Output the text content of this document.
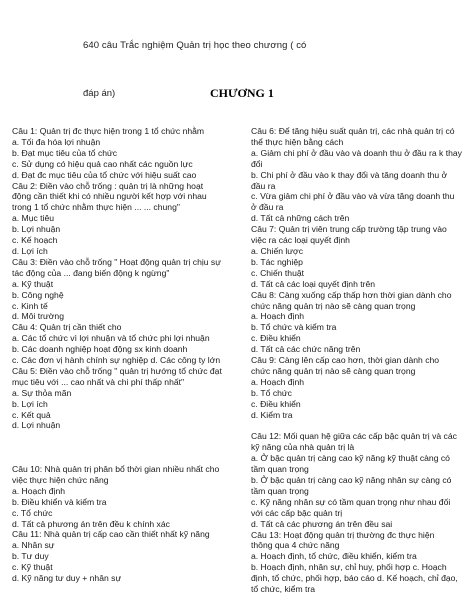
640 câu Trắc nghiệm Quản trị học theo chương ( có
đáp án)	CHƯƠNG 1

Câu 1: Quản trị đc thực hiện trong 1 tổ chức nhằm

a. Tối đa hóa lợi nhuận

b. Đạt mục tiêu của tổ chức

c. Sử dụng có hiệu quả cao nhất các nguồn lực

d. Đạt đc mục tiêu của tổ chức với hiệu suất cao

Câu 2: Điền vào chỗ trống : quản trị là những hoạt

động cần thiết khi có nhiều người kết hợp với nhau

trong 1 tổ chức nhằm thực hiện ... ... chung"

a. Mục tiêu

b. Lợi nhuận

c. Kế hoạch

d. Lợi ích

Câu 3: Điền vào chỗ trống " Hoạt động quản trị chịu sự

tác động của ... đang biến động k ngừng"

a. Kỹ thuật

b. Công nghệ

c. Kinh tế

d. Môi trường

Câu 4: Quản trị cần thiết cho

a. Các tổ chức vì lợi nhuận và tổ chức phi lợi nhuận

b. Các doanh nghiệp hoạt động sx kinh doanh

c. Các đơn vị hành chính sự nghiệp d. Các công ty lớn

Câu 5: Điền vào chỗ trống " quản trị hướng tổ chức đạt

mục tiêu với ... cao nhất và chi phí thấp nhất"

a. Sự thỏa mãn

b. Lợi ích

c. Kết quả

d. Lợi nhuận

Câu 10: Nhà quản trị phân bổ thời gian nhiều nhất cho

việc thực hiện chức năng

a. Hoạch định

b. Điều khiển và kiểm tra

c. Tổ chức

d. Tất cả phương án trên đều k chính xác

Câu 11: Nhà quản trị cấp cao cần thiết nhất kỹ năng

a. Nhân sự

b. Tư duy

c. Kỹ thuật

d. Kỹ năng tư duy + nhân sự

Câu 6: Để tăng hiệu suất quản trị, các nhà quản trị có

thể thực hiện bằng cách

a. Giảm chi phí ở đầu vào và doanh thu ở đầu ra k thay

đổi

b. Chi phí ở đầu vào k thay đổi và tăng doanh thu ở

đầu ra

c. Vừa giảm chi phí ở đầu vào và vừa tăng doanh thu

ở đầu ra

d. Tất cả những cách trên

Câu 7: Quản trị viên trung cấp trường tập trung vào

việc ra các loại quyết định

a. Chiến lược

b. Tác nghiệp

c. Chiến thuật

d. Tất cả các loại quyết định trên

Câu 8: Càng xuống cấp thấp hơn thời gian dành cho

chức năng quản trị nào sẽ càng quan trọng

a. Hoạch định

b. Tổ chức và kiểm tra

c. Điều khiển

d. Tất cả các chức năng trên

Câu 9: Càng lên cấp cao hơn, thời gian dành cho

chức năng quản trị nào sẽ càng quan trọng

a. Hoạch định

b. Tổ chức

c. Điều khiển

d. Kiểm tra

Câu 12: Mối quan hệ giữa các cấp bậc quản trị và các

kỹ năng của nhà quản trị là

a. Ở bậc quản trị càng cao kỹ năng kỹ thuật càng có

tầm quan trọng

b. Ở bậc quản trị càng cao kỹ năng nhân sự càng có

tầm quan trọng

c. Kỹ năng nhân sự có tầm quan trọng như nhau đối

với các cấp bậc quản trị

d. Tất cả các phương án trên đều sai

Câu 13: Hoạt động quản trị thường đc thực hiện

thông qua 4 chức năng

a. Hoạch định, tổ chức, điều khiển, kiểm tra

b. Hoạch định, nhân sự, chỉ huy, phối hợp c. Hoạch

định, tổ chức, phối hợp, báo cáo d. Kế hoạch, chỉ đạo,

tổ chức, kiểm tra
